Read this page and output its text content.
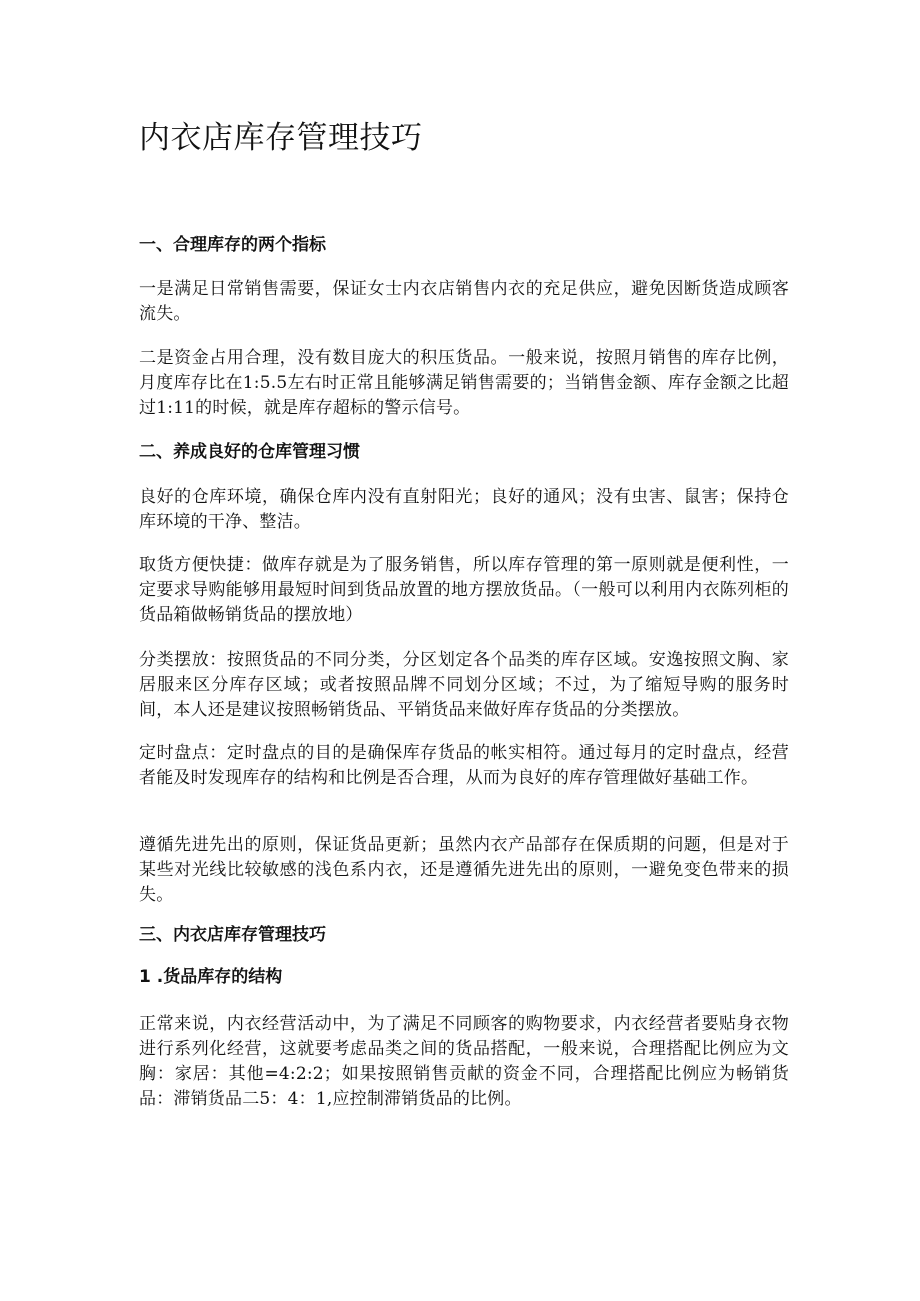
内衣店库存管理技巧
一、合理库存的两个指标

一是满足日常销售需要，保证女士内衣店销售内衣的充足供应，避免因断货造成顾客流失。

二是资金占用合理，没有数目庞大的积压货品。一般来说，按照月销售的库存比例，月度库存比在1:5.5左右时正常且能够满足销售需要的；当销售金额、库存金额之比超过1:11的时候，就是库存超标的警示信号。

二、养成良好的仓库管理习惯

良好的仓库环境，确保仓库内没有直射阳光；良好的通风；没有虫害、鼠害；保持仓库环境的干净、整洁。

取货方便快捷：做库存就是为了服务销售，所以库存管理的第一原则就是便利性，一定要求导购能够用最短时间到货品放置的地方摆放货品。（一般可以利用内衣陈列柜的货品箱做畅销货品的摆放地）

分类摆放：按照货品的不同分类，分区划定各个品类的库存区域。安逸按照文胸、家居服来区分库存区域；或者按照品牌不同划分区域；不过，为了缩短导购的服务时间，本人还是建议按照畅销货品、平销货品来做好库存货品的分类摆放。

定时盘点：定时盘点的目的是确保库存货品的帐实相符。通过每月的定时盘点，经营者能及时发现库存的结构和比例是否合理，从而为良好的库存管理做好基础工作。

遵循先进先出的原则，保证货品更新；虽然内衣产品部存在保质期的问题，但是对于某些对光线比较敏感的浅色系内衣，还是遵循先进先出的原则，一避免变色带来的损失。

三、内衣店库存管理技巧
1 .货品库存的结构

正常来说，内衣经营活动中，为了满足不同顾客的购物要求，内衣经营者要贴身衣物进行系列化经营，这就要考虑品类之间的货品搭配，一般来说，合理搭配比例应为文胸：家居：其他=4:2:2；如果按照销售贡献的资金不同，合理搭配比例应为畅销货品：滞销货品二5：4：1,应控制滞销货品的比例。
